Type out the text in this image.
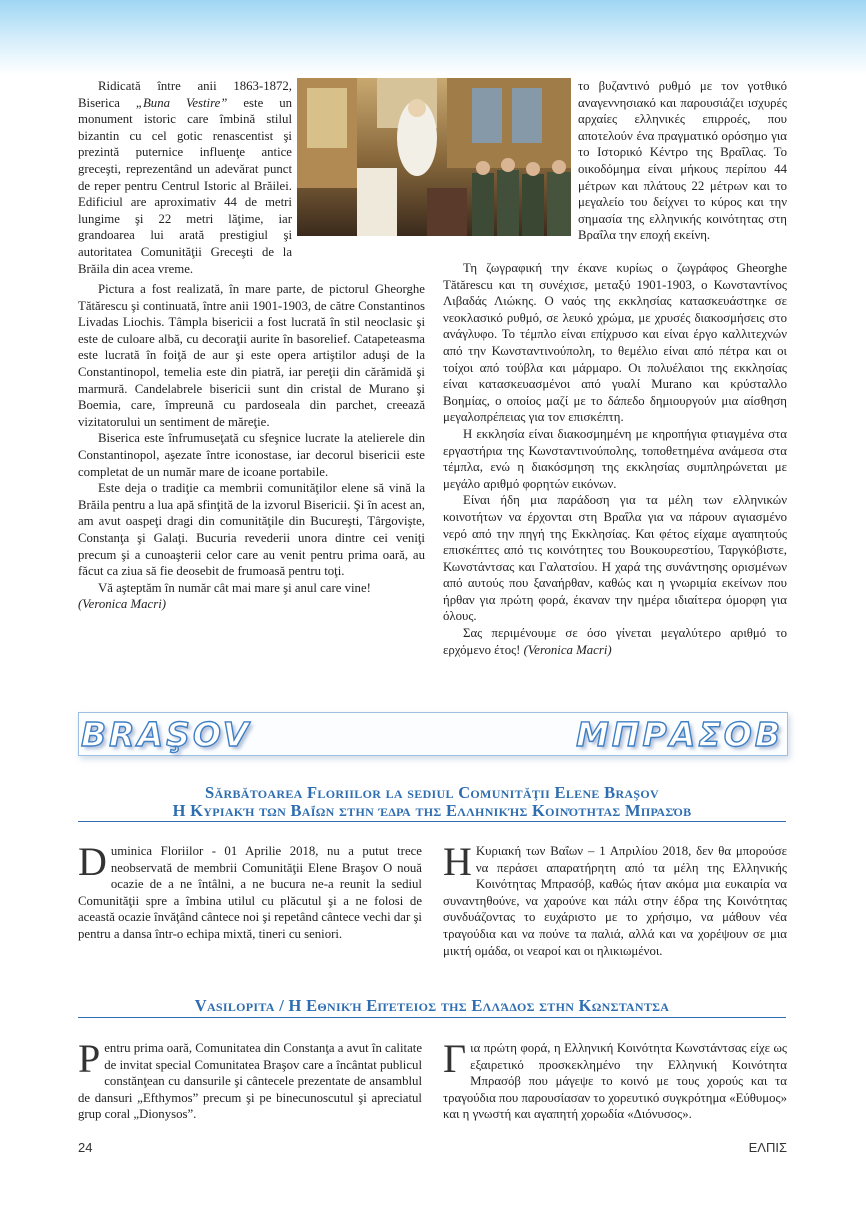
Ridicată între anii 1863-1872, Biserica „Buna Vestire” este un monument istoric care îmbină stilul bizantin cu cel gotic renascentist şi prezintă puternice influenţe antice greceşti, reprezentând un adevărat punct de reper pentru Centrul Istoric al Brăilei. Edificiul are aproximativ 44 de metri lungime şi 22 metri lăţime, iar grandoarea lui arată prestigiul şi autoritatea Comunităţii Greceşti de la Brăila din acea vreme.

Pictura a fost realizată, în mare parte, de pictorul Gheorghe Tătărescu şi continuată, între anii 1901-1903, de către Constantinos Livadas Liochis. Tâmpla bisericii a fost lucrată în stil neoclasic şi este de culoare albă, cu decoraţii aurite în basorelief. Catapeteasma este lucrată în foiţă de aur şi este opera artiştilor aduşi de la Constantinopol, temelia este din piatră, iar pereţii din cărămidă şi marmură. Candelabrele bisericii sunt din cristal de Murano şi Boemia, care, împreună cu pardoseala din parchet, creează vizitatorului un sentiment de măreţie.

Biserica este înfrumuseţată cu sfeşnice lucrate la atelierele din Constantinopol, aşezate între iconostase, iar decorul bisericii este completat de un număr mare de icoane portabile.

Este deja o tradiţie ca membrii comunităţilor elene să vină la Brăila pentru a lua apă sfinţită de la izvorul Bisericii. Şi în acest an, am avut oaspeţi dragi din comunităţile din Bucureşti, Târgovişte, Constanţa şi Galaţi. Bucuria revederii unora dintre cei veniţi precum şi a cunoaşterii celor care au venit pentru prima oară, au făcut ca ziua să fie deosebit de frumoasă pentru toţi.

Vă aşteptăm în număr cât mai mare şi anul care vine!

(Veronica Macri)

το βυζαντινό ρυθμό με τον γοτθικό αναγεννησιακό και παρουσιάζει ισχυρές αρχαίες ελληνικές επιρροές, που αποτελούν ένα πραγματικό ορόσημο για το Ιστορικό Κέντρο της Βραΐλας. Το οικοδόμημα είναι μήκους περίπου 44 μέτρων και πλάτους 22 μέτρων και το μεγαλείο του δείχνει το κύρος και την σημασία της ελληνικής κοινότητας στη Βραΐλα την εποχή εκείνη.

Τη ζωγραφική την έκανε κυρίως ο ζωγράφος Gheorghe Tătărescu και τη συνέχισε, μεταξύ 1901-1903, ο Κωνσταντίνος Λιβαδάς Λιώκης. Ο ναός της εκκλησίας κατασκευάστηκε σε νεοκλασικό ρυθμό, σε λευκό χρώμα, με χρυσές διακοσμήσεις στο ανάγλυφο. Το τέμπλο είναι επίχρυσο και είναι έργο καλλιτεχνών από την Κωνσταντινούπολη, το θεμέλιο είναι από πέτρα και οι τοίχοι από τούβλα και μάρμαρο. Οι πολυέλαιοι της εκκλησίας είναι κατασκευασμένοι από γυαλί Murano και κρύσταλλο Βοημίας, ο οποίος μαζί με το δάπεδο δημιουργούν μια αίσθηση μεγαλοπρέπειας για τον επισκέπτη.

Η εκκλησία είναι διακοσμημένη με κηροπήγια φτιαγμένα στα εργαστήρια της Κωνσταντινούπολης, τοποθετημένα ανάμεσα στα τέμπλα, ενώ η διακόσμηση της εκκλησίας συμπληρώνεται με μεγάλο αριθμό φορητών εικόνων.

Είναι ήδη μια παράδοση για τα μέλη των ελληνικών κοινοτήτων να έρχονται στη Βραΐλα για να πάρουν αγιασμένο νερό από την πηγή της Εκκλησίας. Και φέτος είχαμε αγαπητούς επισκέπτες από τις κοινότητες του Βουκουρεστίου, Ταργκόβιστε, Κωνστάντσας και Γαλατσίου. Η χαρά της συνάντησης ορισμένων από αυτούς που ξαναήρθαν, καθώς και η γνωριμία εκείνων που ήρθαν για πρώτη φορά, έκαναν την ημέρα ιδιαίτερα όμορφη για όλους.

Σας περιμένουμε σε όσο γίνεται μεγαλύτερο αριθμό το ερχόμενο έτος! (Veronica Macri)

BRAŞOV	ΜΠΡΑΣΟΒ
Sărbătoarea Floriilor la sediul Comunităţii Elene Braşov
Η Κυριακή των Βαΐων στην έδρα της Ελληνικής Κοινότητας Μπρασόβ

Duminica Floriilor - 01 Aprilie 2018, nu a putut trece neobservată de membrii Comunităţii Elene Braşov O nouă ocazie de a ne întâlni, a ne bucura ne-a reunit la sediul Comunităţii spre a îmbina utilul cu plăcutul şi a ne folosi de această ocazie învăţând cântece noi şi repetând cântece vechi dar şi pentru a dansa într-o echipa mixtă, tineri cu seniori.

Η Κυριακή των Βαΐων – 1 Απριλίου 2018, δεν θα μπορούσε να περάσει απαρατήρητη από τα μέλη της Ελληνικής Κοινότητας Μπρασόβ, καθώς ήταν ακόμα μια ευκαιρία να συναντηθούνε, να χαρούνε και πάλι στην έδρα της Κοινότητας συνδυάζοντας το ευχάριστο με το χρήσιμο, να μάθουν νέα τραγούδια και να πούνε τα παλιά, αλλά και να χορέψουν σε μια μικτή ομάδα, οι νεαροί και οι ηλικιωμένοι.

Vasilopita / Η Εθνική Επέτειος της Ελλάδος στην Κωνσταντσα

Pentru prima oară, Comunitatea din Constanţa a avut în calitate de invitat special Comunitatea Braşov care a încântat publicul constănţean cu dansurile şi cântecele prezentate de ansamblul de dansuri „Efthymos” precum şi pe binecunoscutul şi apreciatul grup coral „Dionysos”.

Για πρώτη φορά, η Ελληνική Κοινότητα Κωνστάντσας είχε ως εξαιρετικό προσκεκλημένο την Ελληνική Κοινότητα Μπρασόβ που μάγεψε το κοινό με τους χορούς και τα τραγούδια που παρουσίασαν το χορευτικό συγκρότημα «Εύθυμος» και η γνωστή και αγαπητή χορωδία «Διόνυσος».

24	ΕΛΠΙΣ
